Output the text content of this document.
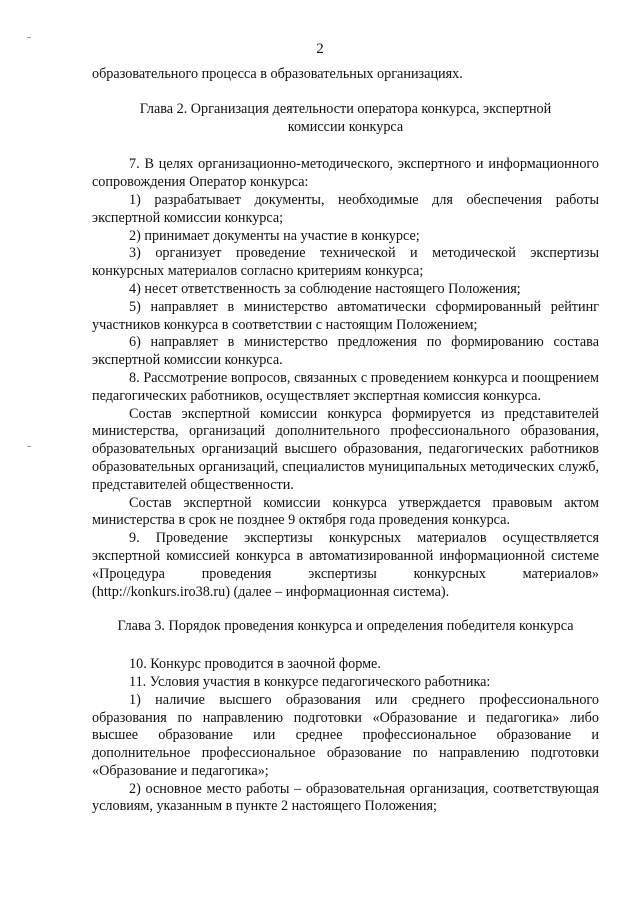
2

образовательного процесса в образовательных организациях.

Глава 2. Организация деятельности оператора конкурса, экспертной комиссии конкурса

7. В целях организационно-методического, экспертного и информационного сопровождения Оператор конкурса:

1) разрабатывает документы, необходимые для обеспечения работы экспертной комиссии конкурса;

2) принимает документы на участие в конкурсе;

3) организует проведение технической и методической экспертизы конкурсных материалов согласно критериям конкурса;

4) несет ответственность за соблюдение настоящего Положения;

5) направляет в министерство автоматически сформированный рейтинг участников конкурса в соответствии с настоящим Положением;

6) направляет в министерство предложения по формированию состава экспертной комиссии конкурса.

8. Рассмотрение вопросов, связанных с проведением конкурса и поощрением педагогических работников, осуществляет экспертная комиссия конкурса.

Состав экспертной комиссии конкурса формируется из представителей министерства, организаций дополнительного профессионального образования, образовательных организаций высшего образования, педагогических работников образовательных организаций, специалистов муниципальных методических служб, представителей общественности.

Состав экспертной комиссии конкурса утверждается правовым актом министерства в срок не позднее 9 октября года проведения конкурса.

9. Проведение экспертизы конкурсных материалов осуществляется экспертной комиссией конкурса в автоматизированной информационной системе «Процедура проведения экспертизы конкурсных материалов» (http://konkurs.iro38.ru) (далее – информационная система).

Глава 3. Порядок проведения конкурса и определения победителя конкурса

10. Конкурс проводится в заочной форме.

11. Условия участия в конкурсе педагогического работника:

1) наличие высшего образования или среднего профессионального образования по направлению подготовки «Образование и педагогика» либо высшее образование или среднее профессиональное образование и дополнительное профессиональное образование по направлению подготовки «Образование и педагогика»;

2) основное место работы – образовательная организация, соответствующая условиям, указанным в пункте 2 настоящего Положения;
